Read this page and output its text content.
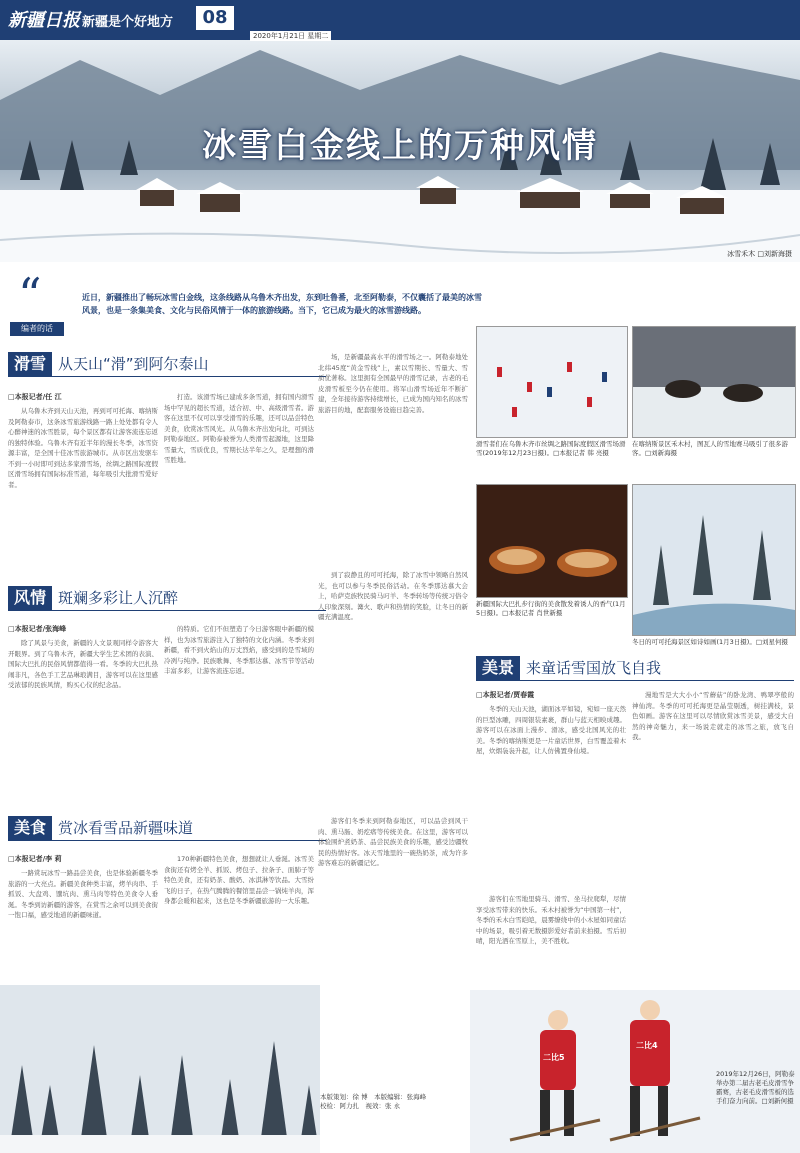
新疆日报 新疆是个好地方	08
2020年1月21日 星期二
冰雪白金线上的万种风情
冰雪禾木 □刘新海摄
“
编者的话
近日，新疆推出了畅玩冰雪白金线，这条线路从乌鲁木齐出发，东到吐鲁番，北至阿勒泰，不仅囊括了最美的冰雪风景，也是一条集美食、文化与民俗风情于一体的旅游线路。当下，它已成为最火的冰雪游线路。
滑雪 从天山“滑”到阿尔泰山
□本报记者/任 江

从乌鲁木齐到天山天池，再到可可托海、喀纳斯及阿勒泰市，这条冰雪旅游线路一路上处处都有令人心醉神迷的冰雪胜景，每个景区都有让游客流连忘返的独特体验。乌鲁木齐有近半年的漫长冬季，冰雪资源丰富，是全国十佳冰雪旅游城市。从市区出发驱车不到一小时即可到达多家滑雪场，丝绸之路国际度假区滑雪场拥有国际标准雪道，每年吸引大批滑雪爱好者。

打造。该滑雪场已建成多条雪道，拥有国内滑雪场中罕见的超长雪道，适合初、中、高级滑雪者。游客在这里不仅可以享受滑雪的乐趣，还可以品尝特色美食，欣赏冰雪风光。从乌鲁木齐出发向北，可到达阿勒泰地区。阿勒泰被誉为人类滑雪起源地，这里降雪量大，雪质优良，雪期长达半年之久，是理想的滑雪胜地。

场，是新疆最高水平的滑雪场之一。阿勒泰地处北纬45度“黄金雪线”上，素以雪期长、雪量大、雪质优著称。这里拥有全国最早的滑雪记录，古老的毛皮滑雪板至今仍在使用。将军山滑雪场近年不断扩建，全年接待游客持续增长，已成为国内知名的冰雪旅游目的地，配套服务设施日趋完善。

风情 斑斓多彩让人沉醉
□本报记者/张海峰

除了风景与美食，新疆的人文景观同样令游客大开眼界。到了乌鲁木齐，新疆大学生艺术团的表演、国际大巴扎的民俗风情都值得一看。冬季的大巴扎热闹非凡，各色手工艺品琳琅满目，游客可以在这里感受浓郁的民族风情，购买心仪的纪念品。

的特质。它们不但塑造了今日游客眼中新疆的模样，也为冰雪旅游注入了独特的文化内涵。冬季来到新疆，看不到火焰山的万丈烈焰，感受到的是雪域的冷冽与纯净。民族歌舞、冬季那达慕、冰雪节等活动丰富多彩，让游客流连忘返。

到了寂静且的可可托海，除了冰雪中领略自然风光，也可以参与冬季民俗活动。在冬季那达慕大会上，哈萨克族牧民骑马叼羊、冬季转场等传统习俗令人印象深刻。篝火、歌声和热情的笑脸，让冬日的新疆充满温度。

美食 赏冰看雪品新疆味道
□本报记者/李 莉

一路赏玩冰雪一路品尝美食，也是体验新疆冬季旅游的一大亮点。新疆美食种类丰富，烤羊肉串、手抓饭、大盘鸡、馕坑肉、熏马肉等特色美食令人垂涎。冬季到访新疆的游客，在赏雪之余可以到美食街一饱口福，感受地道的新疆味道。

170种新疆特色美食，想想就让人垂涎。冰雪美食街还有烤全羊、抓饭、烤包子、拉条子、面肺子等特色美食，还有奶茶、酸奶、冰淇淋等饮品。大雪纷飞的日子，在热气腾腾的餐馆里品尝一锅炖羊肉，浑身都会暖和起来，这也是冬季新疆旅游的一大乐趣。

游客们冬季来到阿勒泰地区，可以品尝到风干肉、熏马肠、奶疙瘩等传统美食。在这里，游客可以体验围炉煮奶茶、品尝民族美食的乐趣，感受边疆牧民的热情好客。冰天雪地里的一碗热奶茶，成为许多游客难忘的新疆记忆。

本版策划：徐 博　 本版编辑：张海峰
校检：阿力扎　 视效：张 永
滑雪者们在乌鲁木齐市丝绸之路国际度假区滑雪场滑雪(2019年12月23日摄)。□本报记者 韩 亮摄
在喀纳斯景区禾木村，图瓦人的雪地赛马吸引了很多游客。□刘新海摄
新疆国际大巴扎步行街的美食散发着诱人的香气(1月5日摄)。□本报记者 肖世新摄
冬日的可可托海景区如诗如画(1月3日摄)。□刘星何摄
美景 来童话雪国放飞自我
□本报记者/贾春霞

冬季的天山天池，湖面冰平如镜，宛如一座天然的巨型冰雕，四周银装素裹，群山与蓝天相映成趣。游客可以在冰面上漫步、滑冰，感受北国风光的壮美。冬季的喀纳斯更是一片童话世界，白雪覆盖着木屋，炊烟袅袅升起，让人仿佛置身仙境。

游客们在雪地里骑马、滑雪、坐马拉爬犁，尽情享受冰雪带来的快乐。禾木村被誉为“中国第一村”，冬季的禾木白雪皑皑，晨雾缭绕中的小木屋如同童话中的场景，吸引着无数摄影爱好者前来拍摄。雪后初晴，阳光洒在雪原上，美不胜收。

漫地雪是大大小小“雪蘑菇”的卧龙湾、鸭翠亭般的神仙湾。冬季的可可托海更是晶莹剔透，树挂满枝，景色如画。游客在这里可以尽情欣赏冰雪美景，感受大自然的神奇魅力，来一场说走就走的冰雪之旅，放飞自我。

二比5
二比4
2019年12月26日，阿勒泰举办第二届古老毛皮滑雪争霸赛，古老毛皮滑雪板的选手们奋力向前。□刘新何摄
